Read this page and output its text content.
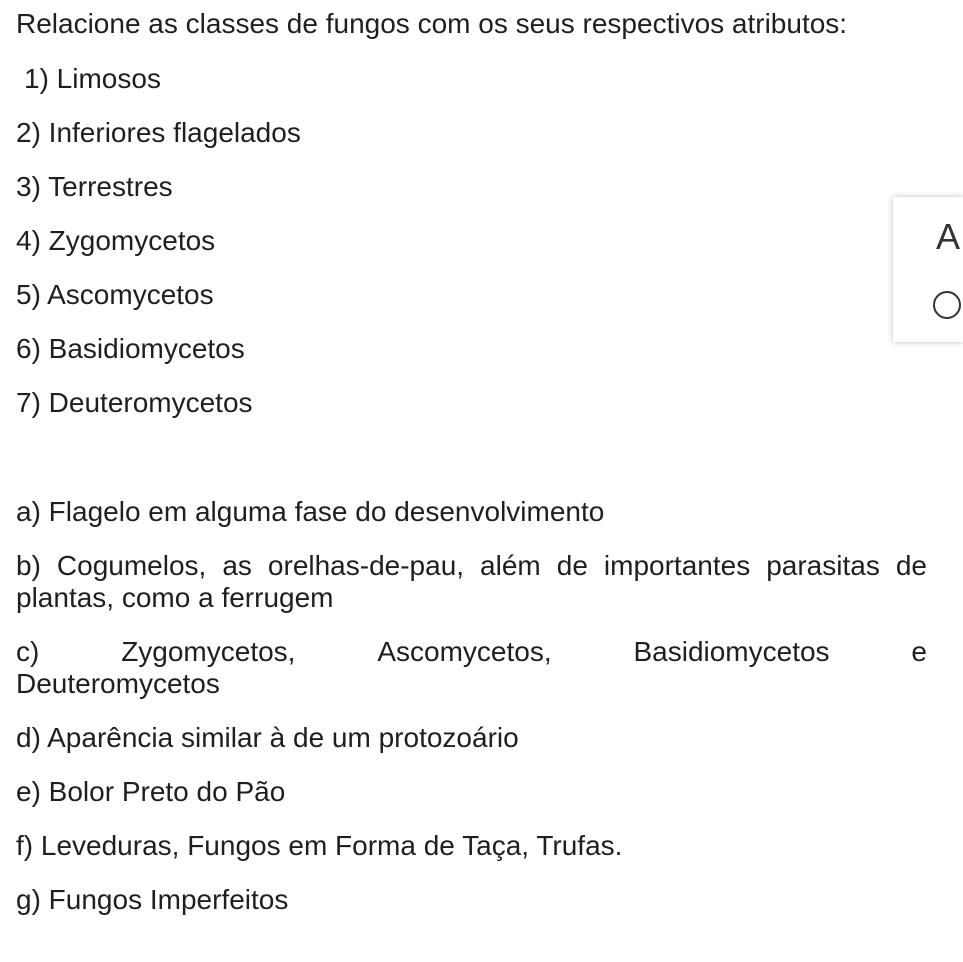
Relacione as classes de fungos com os seus respectivos atributos:

1) Limosos

2) Inferiores flagelados

3) Terrestres

4) Zygomycetos

5) Ascomycetos

6) Basidiomycetos

7) Deuteromycetos

a) Flagelo em alguma fase do desenvolvimento

b) Cogumelos, as orelhas-de-pau, além de importantes parasitas de plantas, como a ferrugem

c)	Zygomycetos,	Ascomycetos,	Basidiomycetos	e
Deuteromycetos

d) Aparência similar à de um protozoário

e) Bolor Preto do Pão

f) Leveduras, Fungos em Forma de Taça, Trufas.

g) Fungos Imperfeitos

A
